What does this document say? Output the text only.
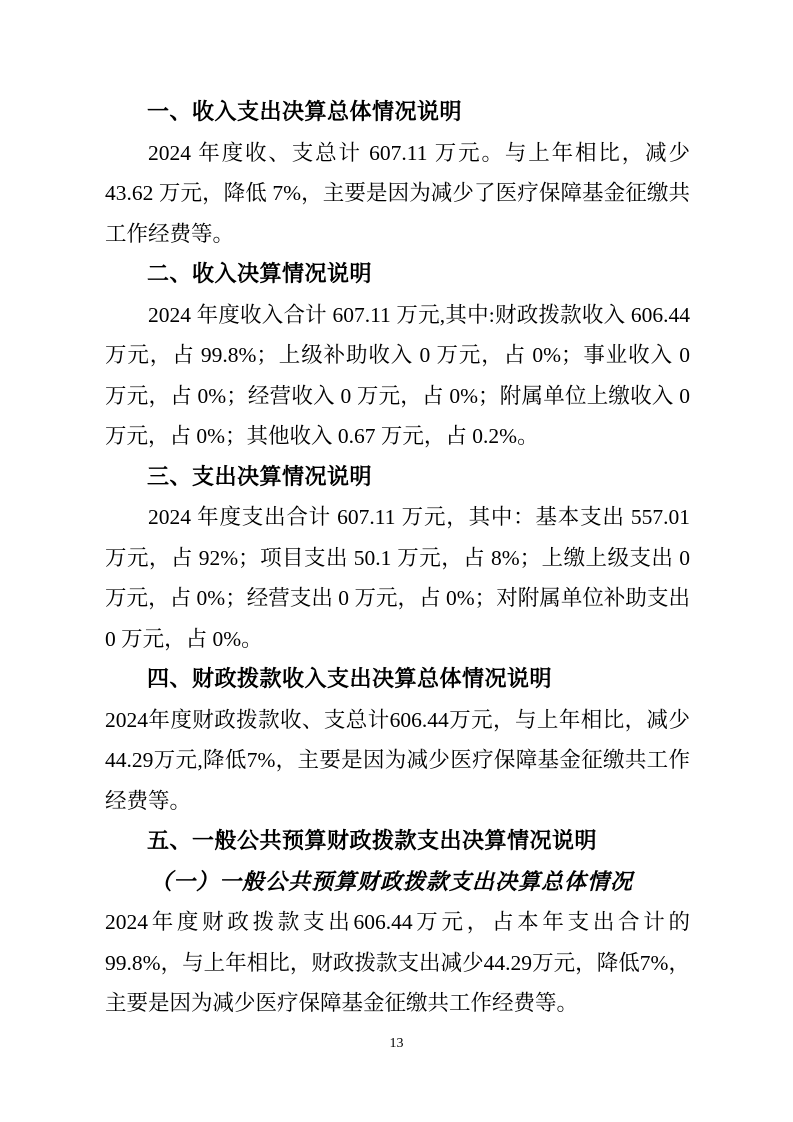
一、收入支出决算总体情况说明

2024 年度收、支总计 607.11 万元。与上年相比，减少 43.62 万元，降低 7%，主要是因为减少了医疗保障基金征缴共工作经费等。

二、收入决算情况说明

2024 年度收入合计 607.11 万元,其中:财政拨款收入 606.44 万元，占 99.8%；上级补助收入 0 万元，占 0%；事业收入 0 万元，占 0%；经营收入 0 万元，占 0%；附属单位上缴收入 0 万元，占 0%；其他收入 0.67 万元，占 0.2%。

三、支出决算情况说明

2024 年度支出合计 607.11 万元，其中：基本支出 557.01 万元，占 92%；项目支出 50.1 万元，占 8%；上缴上级支出 0 万元，占 0%；经营支出 0 万元，占 0%；对附属单位补助支出 0 万元，占 0%。

四、财政拨款收入支出决算总体情况说明

2024年度财政拨款收、支总计606.44万元，与上年相比，减少44.29万元,降低7%，主要是因为减少医疗保障基金征缴共工作经费等。

五、一般公共预算财政拨款支出决算情况说明
（一）一般公共预算财政拨款支出决算总体情况

2024年度财政拨款支出606.44万元，占本年支出合计的99.8%，与上年相比，财政拨款支出减少44.29万元，降低7%，主要是因为减少医疗保障基金征缴共工作经费等。

13
